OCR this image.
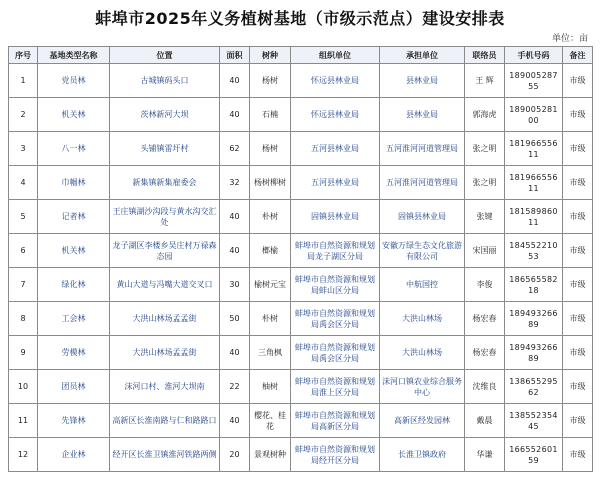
蚌埠市2025年义务植树基地（市级示范点）建设安排表
单位：亩
序号	基地类型名称	位置	面积	树种	组织单位	承担单位	联络员	手机号码	备注
1	党员林	古城镇码头口	40	杨树	怀远县林业局	县林业局	王 辉	18900528755	市级
2	机关林	茨林新河大坝	40	石楠	怀远县林业局	县林业局	郭海虎	18900528100	市级
3	八一林	头铺镇雷圩村	62	杨树	五河县林业局	五河淮河河道管理局	张之明	18196655611	市级
4	巾帼林	新集镇新集雇委会	32	杨树柳树	五河县林业局	五河淮河河道管理局	张之明	18196655611	市级
5	记者林	王庄镇湖沙沟段与黄水沟交汇处	40	朴树	固镇县林业局	固镇县林业局	张键	18158986011	市级
6	机关林	龙子湖区李楼乡吴庄村万禄森态园	40	榔榆	蚌埠市自然资源和规划局龙子湖区分局	安徽万绿生态文化旅游有限公司	宋国丽	18455221053	市级
7	绿化林	黄山大道与冯嘴大道交叉口	30	榆树元宝	蚌埠市自然资源和规划局蚌山区分局	中航国控	李俊	18656558218	市级
8	工会林	大洪山林场孟孟街	50	朴树	蚌埠市自然资源和规划局禹会区分局	大洪山林场	杨宏春	18949326689	市级
9	劳模林	大洪山林场孟孟街	40	三角枫	蚌埠市自然资源和规划局禹会区分局	大洪山林场	杨宏春	18949326689	市级
10	团员林	沫河口村、淮河大坝南	22	柚树	蚌埠市自然资源和规划局淮上区分局	沫河口镇农业综合服务中心	沈维良	13865529562	市级
11	先锋林	高新区长淮南路与仁和路路口	40	樱花、桂花	蚌埠市自然资源和规划局高新区分局	高新区经发园林	戴晨	13855235445	市级
12	企业林	经开区长淮卫镇淮河铁路两侧	20	景观树种	蚌埠市自然资源和规划局经开区分局	长淮卫镇政府	华谦	16655260159	市级
